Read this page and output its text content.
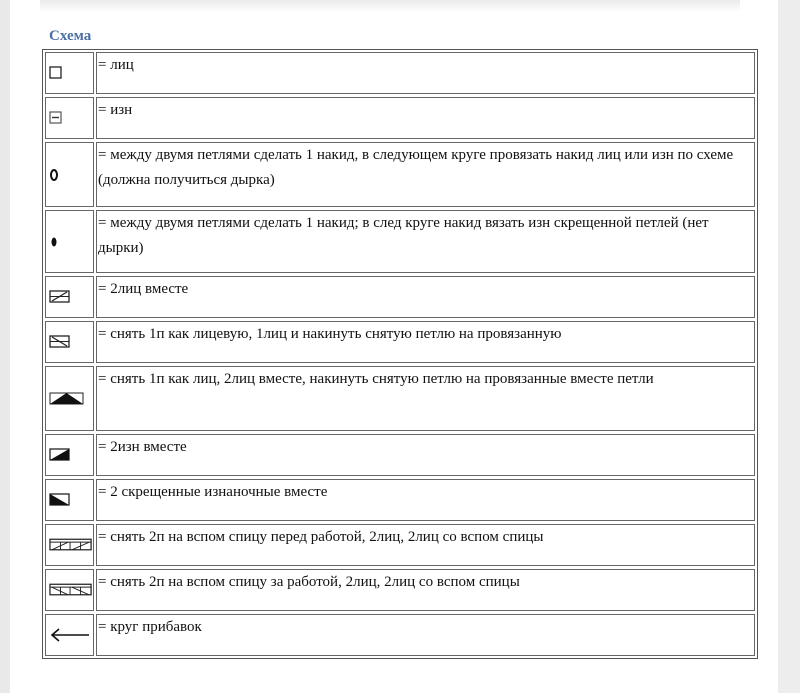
Схема
= лиц
= изн
= между двумя петлями сделать 1 накид, в следующем круге провязать накид лиц или изн по схеме (должна получиться дырка)
= между двумя петлями сделать 1 накид; в след круге накид вязать изн скрещенной петлей (нет дырки)
= 2лиц вместе
= снять 1п как лицевую, 1лиц и накинуть снятую петлю на провязанную
= снять 1п как лиц, 2лиц вместе, накинуть снятую петлю на провязанные вместе петли
= 2изн вместе
= 2 скрещенные изнаночные вместе
= снять 2п на вспом спицу перед работой, 2лиц, 2лиц со вспом спицы
= снять 2п на вспом спицу за работой, 2лиц, 2лиц со вспом спицы
= круг прибавок
